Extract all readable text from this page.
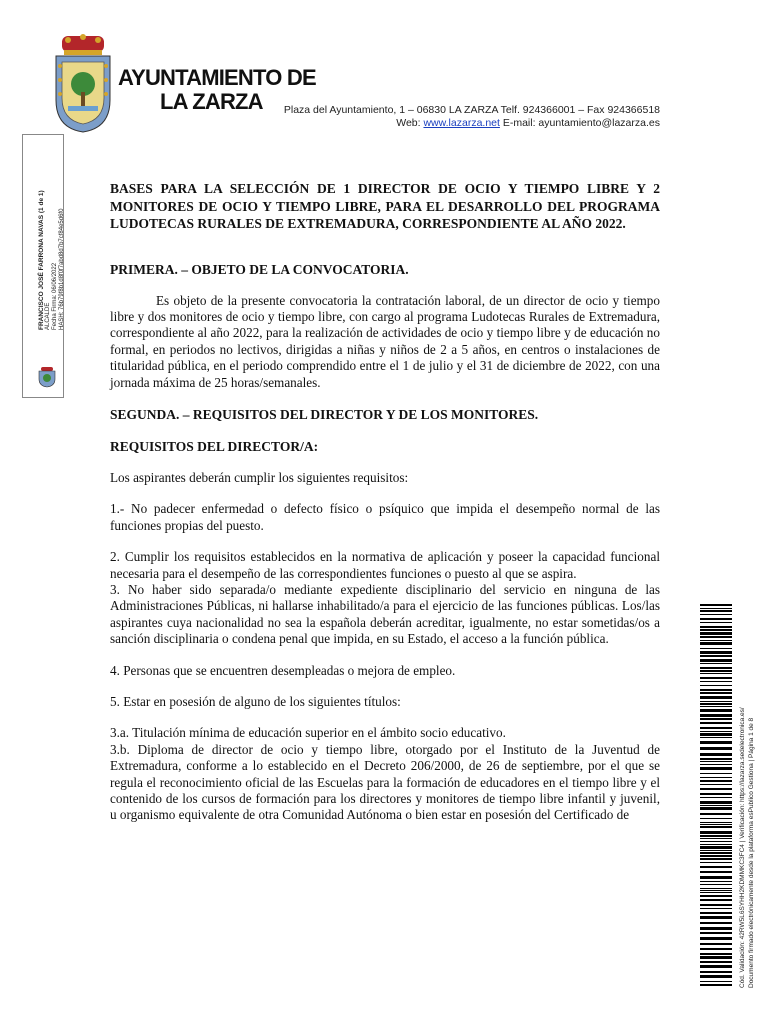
AYUNTAMIENTO DE
LA ZARZA	Plaza del Ayuntamiento, 1 – 06830 LA ZARZA Telf. 924366001 – Fax 924366518
Web: www.lazarza.net E-mail: ayuntamiento@lazarza.es
FRANCISCO JOSÉ FARRONA NAVAS (1 de 1) ALCALDE Fecha Firma: 06/06/2022 HASH: 76b79f8b1d8f0f7abd8d7b7cf84e5d6f0
Cód. Validación: 42RW5L6SYHH2KDMMKC3FC4 | Verificación: https://lazarza.sedelectronica.es/ Documento firmado electrónicamente desde la plataforma esPublico Gestiona | Página 1 de 8
BASES PARA LA SELECCIÓN DE 1 DIRECTOR DE OCIO Y TIEMPO LIBRE Y 2 MONITORES DE OCIO Y TIEMPO LIBRE, PARA EL DESARROLLO DEL PROGRAMA LUDOTECAS RURALES DE EXTREMADURA, CORRESPONDIENTE AL AÑO 2022.
PRIMERA. – OBJETO DE LA CONVOCATORIA.
Es objeto de la presente convocatoria la contratación laboral, de un director de ocio y tiempo libre y dos monitores de ocio y tiempo libre, con cargo al programa Ludotecas Rurales de Extremadura, correspondiente al año 2022, para la realización de actividades de ocio y tiempo libre y de educación no formal, en periodos no lectivos, dirigidas a niñas y niños de 2 a 5 años, en centros o instalaciones de titularidad pública, en el periodo comprendido entre el 1 de julio y el 31 de diciembre de 2022, con una jornada máxima de 25 horas/semanales.
SEGUNDA. – REQUISITOS DEL DIRECTOR Y DE LOS MONITORES.
REQUISITOS DEL DIRECTOR/A:
Los aspirantes deberán cumplir los siguientes requisitos:
1.- No padecer enfermedad o defecto físico o psíquico que impida el desempeño normal de las funciones propias del puesto.
2. Cumplir los requisitos establecidos en la normativa de aplicación y poseer la capacidad funcional necesaria para el desempeño de las correspondientes funciones o puesto al que se aspira.
3. No haber sido separada/o mediante expediente disciplinario del servicio en ninguna de las Administraciones Públicas, ni hallarse inhabilitado/a para el ejercicio de las funciones públicas. Los/las aspirantes cuya nacionalidad no sea la española deberán acreditar, igualmente, no estar sometidas/os a sanción disciplinaria o condena penal que impida, en su Estado, el acceso a la función pública.
4. Personas que se encuentren desempleadas o mejora de empleo.
5. Estar en posesión de alguno de los siguientes títulos:
3.a. Titulación mínima de educación superior en el ámbito socio educativo.
3.b. Diploma de director de ocio y tiempo libre, otorgado por el Instituto de la Juventud de Extremadura, conforme a lo establecido en el Decreto 206/2000, de 26 de septiembre, por el que se regula el reconocimiento oficial de las Escuelas para la formación de educadores en el tiempo libre y el contenido de los cursos de formación para los directores y monitores de tiempo libre infantil y juvenil, u organismo equivalente de otra Comunidad Autónoma o bien estar en posesión del Certificado de
